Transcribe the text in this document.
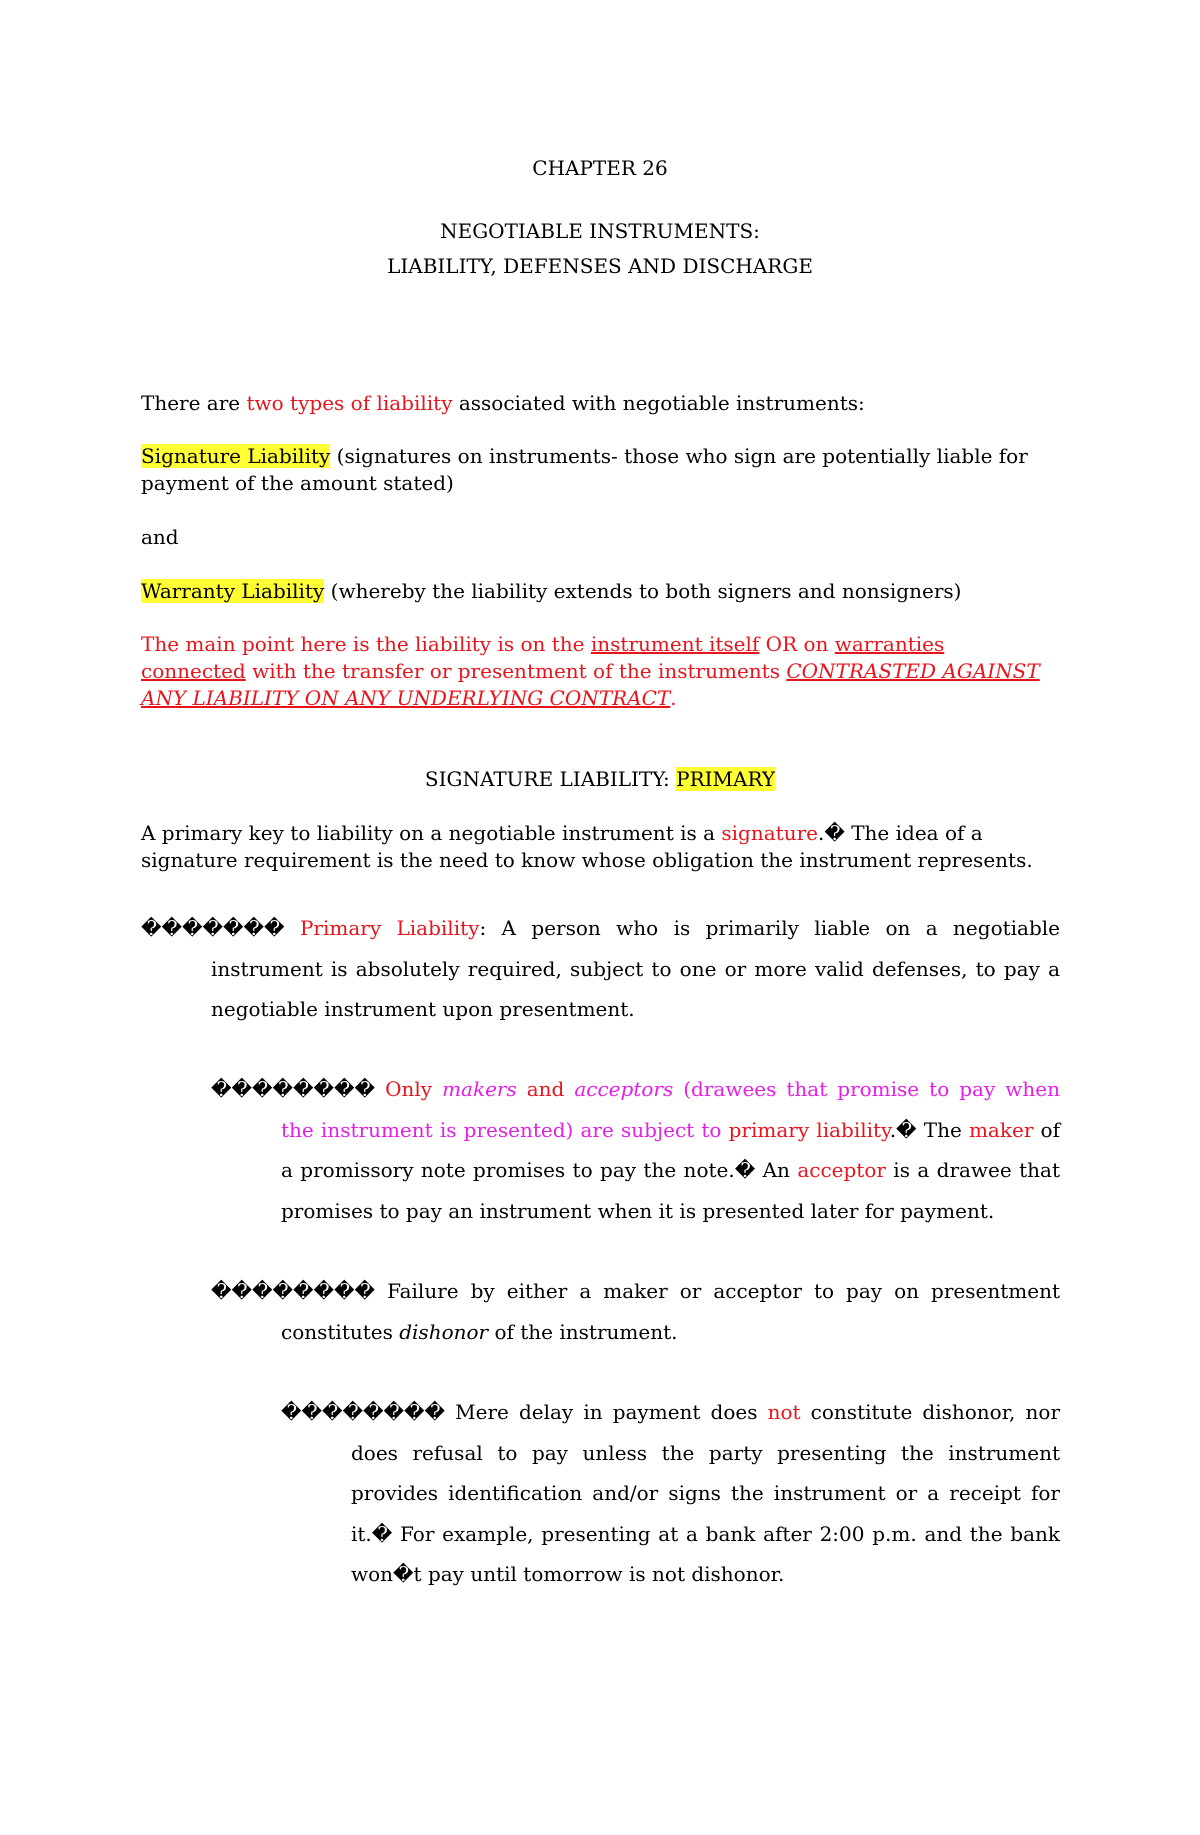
CHAPTER 26
NEGOTIABLE INSTRUMENTS:
LIABILITY, DEFENSES AND DISCHARGE
There are two types of liability associated with negotiable instruments:
Signature Liability (signatures on instruments- those who sign are potentially liable for payment of the amount stated)
and
Warranty Liability (whereby the liability extends to both signers and nonsigners)
The main point here is the liability is on the instrument itself OR on warranties connected with the transfer or presentment of the instruments CONTRASTED AGAINST ANY LIABILITY ON ANY UNDERLYING CONTRACT.
SIGNATURE LIABILITY: PRIMARY
A primary key to liability on a negotiable instrument is a signature.� The idea of a signature requirement is the need to know whose obligation the instrument represents.
������� Primary Liability: A person who is primarily liable on a negotiable instrument is absolutely required, subject to one or more valid defenses, to pay a negotiable instrument upon presentment.
�������� Only makers and acceptors (drawees that promise to pay when the instrument is presented) are subject to primary liability.� The maker of a promissory note promises to pay the note.� An acceptor is a drawee that promises to pay an instrument when it is presented later for payment.
�������� Failure by either a maker or acceptor to pay on presentment constitutes dishonor of the instrument.
�������� Mere delay in payment does not constitute dishonor, nor does refusal to pay unless the party presenting the instrument provides identification and/or signs the instrument or a receipt for it.� For example, presenting at a bank after 2:00 p.m. and the bank won�t pay until tomorrow is not dishonor.
